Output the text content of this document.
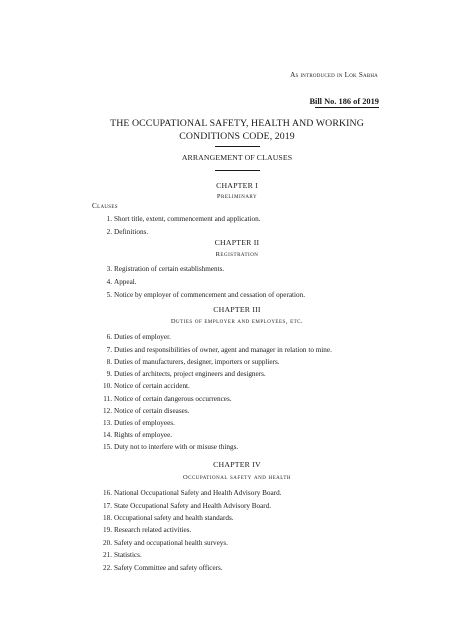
As introduced in Lok Sabha
Bill No. 186 of 2019
THE OCCUPATIONAL SAFETY, HEALTH AND WORKING
CONDITIONS CODE, 2019
ARRANGEMENT OF CLAUSES
CHAPTER I
Preliminary
Clauses
1. Short title, extent, commencement and application.
2. Definitions.
CHAPTER II
Registration
3. Registration of certain establishments.
4. Appeal.
5. Notice by employer of commencement and cessation of operation.
CHAPTER III
Duties of employer and employees, etc.
6. Duties of employer.
7. Duties and responsibilities of owner, agent and manager in relation to mine.
8. Duties of manufacturers, designer, importers or suppliers.
9. Duties of architects, project engineers and designers.
10. Notice of certain accident.
11. Notice of certain dangerous occurrences.
12. Notice of certain diseases.
13. Duties of employees.
14. Rights of employee.
15. Duty not to interfere with or misuse things.
CHAPTER IV
Occupational safety and health
16. National Occupational Safety and Health Advisory Board.
17. State Occupational Safety and Health Advisory Board.
18. Occupational safety and health standards.
19. Research related activities.
20. Safety and occupational health surveys.
21. Statistics.
22. Safety Committee and safety officers.
